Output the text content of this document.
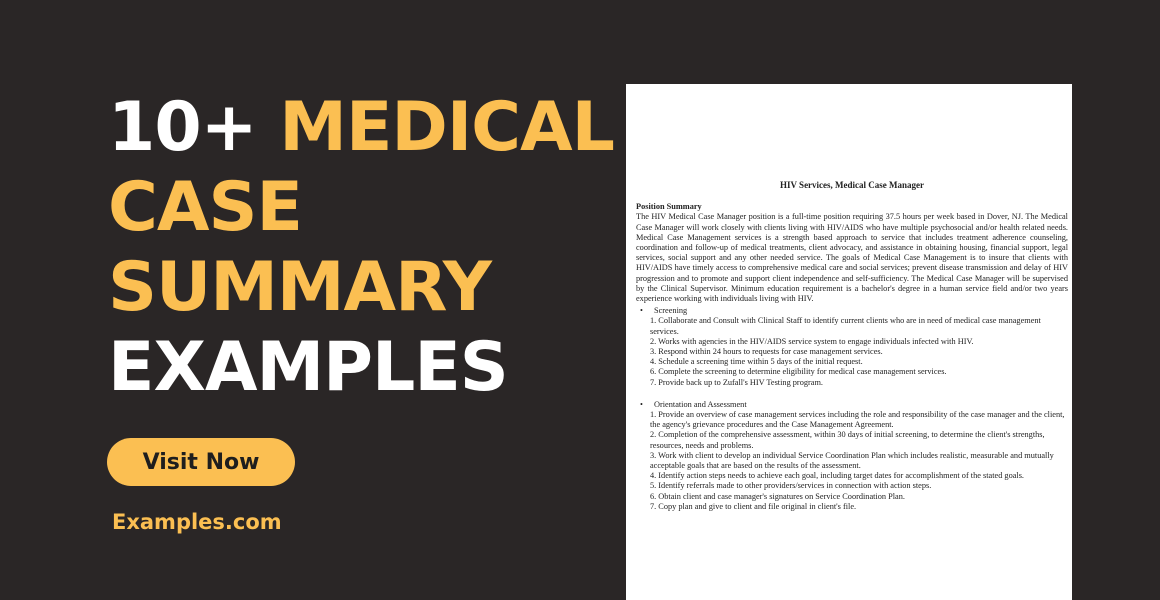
10+ MEDICAL
CASE
SUMMARY
EXAMPLES
Visit Now
Examples.com

HIV Services, Medical Case Manager

Position Summary

The HIV Medical Case Manager position is a full-time position requiring 37.5 hours per week based in Dover, NJ. The Medical Case Manager will work closely with clients living with HIV/AIDS who have multiple psychosocial and/or health related needs. Medical Case Management services is a strength based approach to service that includes treatment adherence counseling, coordination and follow-up of medical treatments, client advocacy, and assistance in obtaining housing, financial support, legal services, social support and any other needed service. The goals of Medical Case Management is to insure that clients with HIV/AIDS have timely access to comprehensive medical care and social services; prevent disease transmission and delay of HIV progression and to promote and support client independence and self-sufficiency. The Medical Case Manager will be supervised by the Clinical Supervisor. Minimum education requirement is a bachelor's degree in a human service field and/or two years experience working with individuals living with HIV.

•	Screening

1. Collaborate and Consult with Clinical Staff to identify current clients who are in need of medical case management services.

2. Works with agencies in the HIV/AIDS service system to engage individuals infected with HIV.

3. Respond within 24 hours to requests for case management services.

4. Schedule a screening time within 5 days of the initial request.

6. Complete the screening to determine eligibility for medical case management services.

7. Provide back up to Zufall's HIV Testing program.

•	Orientation and Assessment

1. Provide an overview of case management services including the role and responsibility of the case manager and the client, the agency's grievance procedures and the Case Management Agreement.

2. Completion of the comprehensive assessment, within 30 days of initial screening, to determine the client's strengths, resources, needs and problems.

3. Work with client to develop an individual Service Coordination Plan which includes realistic, measurable and mutually acceptable goals that are based on the results of the assessment.

4. Identify action steps needs to achieve each goal, including target dates for accomplishment of the stated goals.

5. Identify referrals made to other providers/services in connection with action steps.

6. Obtain client and case manager's signatures on Service Coordination Plan.

7. Copy plan and give to client and file original in client's file.
